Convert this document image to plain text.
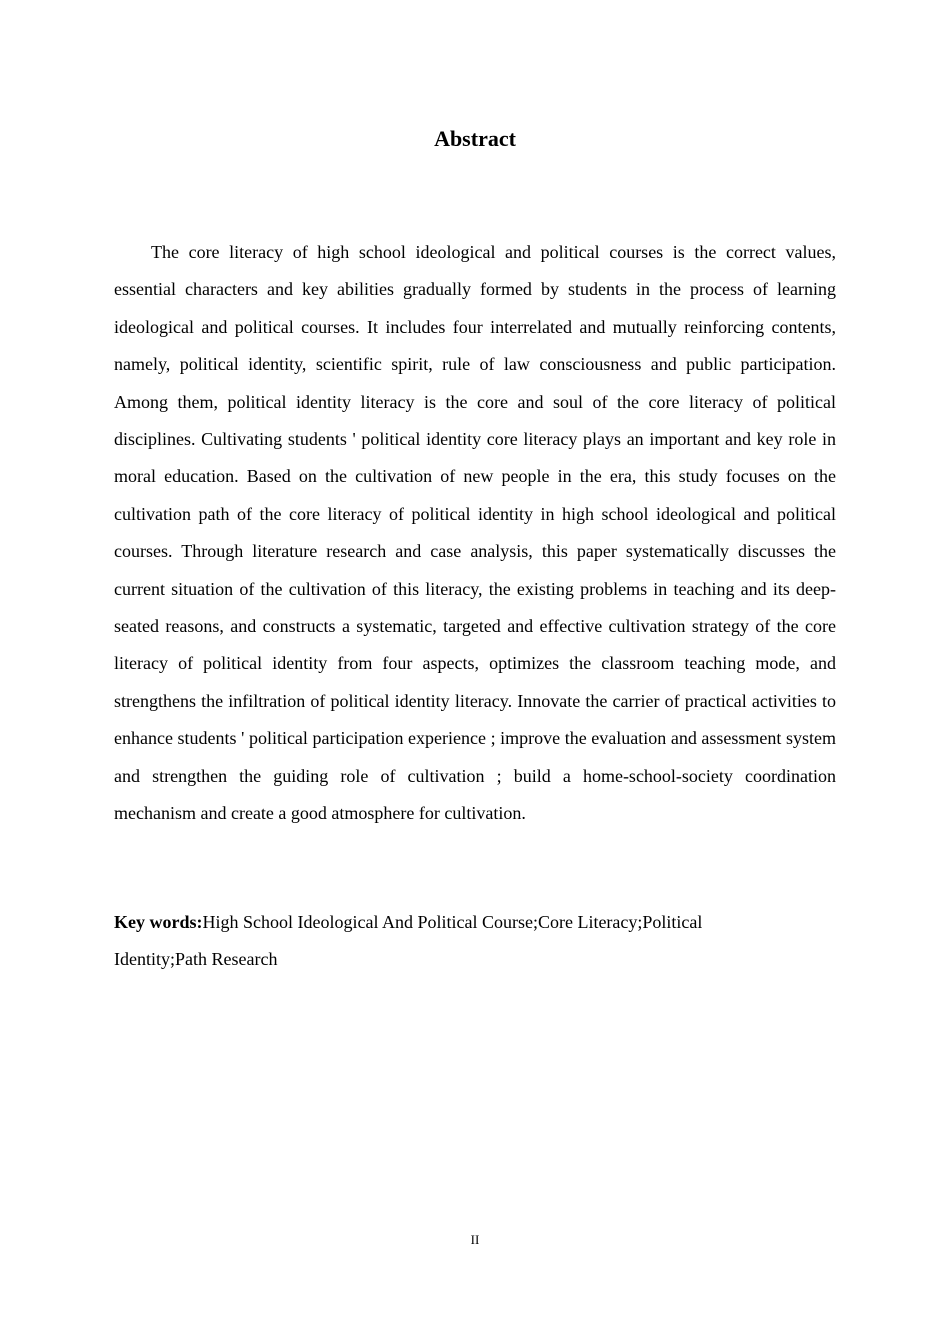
Abstract

The core literacy of high school ideological and political courses is the correct values, essential characters and key abilities gradually formed by students in the process of learning ideological and political courses. It includes four interrelated and mutually reinforcing contents, namely, political identity, scientific spirit, rule of law consciousness and public participation. Among them, political identity literacy is the core and soul of the core literacy of political disciplines. Cultivating students ' political identity core literacy plays an important and key role in moral education. Based on the cultivation of new people in the era, this study focuses on the cultivation path of the core literacy of political identity in high school ideological and political courses. Through literature research and case analysis, this paper systematically discusses the current situation of the cultivation of this literacy, the existing problems in teaching and its deep-seated reasons, and constructs a systematic, targeted and effective cultivation strategy of the core literacy of political identity from four aspects, optimizes the classroom teaching mode, and strengthens the infiltration of political identity literacy. Innovate the carrier of practical activities to enhance students ' political participation experience ; improve the evaluation and assessment system and strengthen the guiding role of cultivation ; build a home-school-society coordination mechanism and create a good atmosphere for cultivation.

Key words:High School Ideological And Political Course;Core Literacy;Political Identity;Path Research

II
